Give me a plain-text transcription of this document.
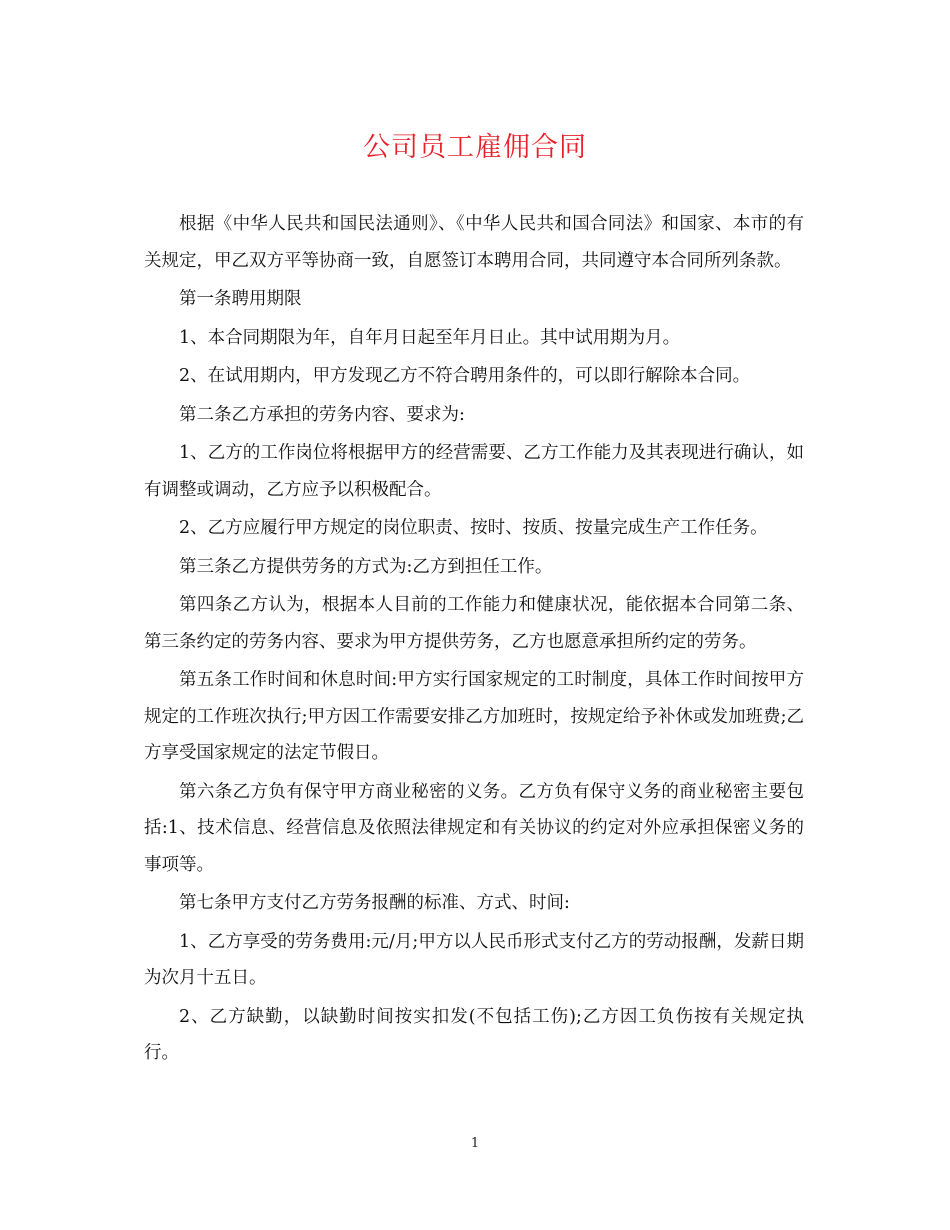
公司员工雇佣合同

根据《中华人民共和国民法通则》、《中华人民共和国合同法》和国家、本市的有关规定，甲乙双方平等协商一致，自愿签订本聘用合同，共同遵守本合同所列条款。

第一条聘用期限

1、本合同期限为年，自年月日起至年月日止。其中试用期为月。

2、在试用期内，甲方发现乙方不符合聘用条件的，可以即行解除本合同。

第二条乙方承担的劳务内容、要求为:

1、乙方的工作岗位将根据甲方的经营需要、乙方工作能力及其表现进行确认，如有调整或调动，乙方应予以积极配合。

2、乙方应履行甲方规定的岗位职责、按时、按质、按量完成生产工作任务。

第三条乙方提供劳务的方式为:乙方到担任工作。

第四条乙方认为，根据本人目前的工作能力和健康状况，能依据本合同第二条、第三条约定的劳务内容、要求为甲方提供劳务，乙方也愿意承担所约定的劳务。

第五条工作时间和休息时间:甲方实行国家规定的工时制度，具体工作时间按甲方规定的工作班次执行;甲方因工作需要安排乙方加班时，按规定给予补休或发加班费;乙方享受国家规定的法定节假日。

第六条乙方负有保守甲方商业秘密的义务。乙方负有保守义务的商业秘密主要包括:1、技术信息、经营信息及依照法律规定和有关协议的约定对外应承担保密义务的事项等。

第七条甲方支付乙方劳务报酬的标准、方式、时间:

1、乙方享受的劳务费用:元/月;甲方以人民币形式支付乙方的劳动报酬，发薪日期为次月十五日。

2、乙方缺勤，以缺勤时间按实扣发(不包括工伤);乙方因工负伤按有关规定执行。

1
